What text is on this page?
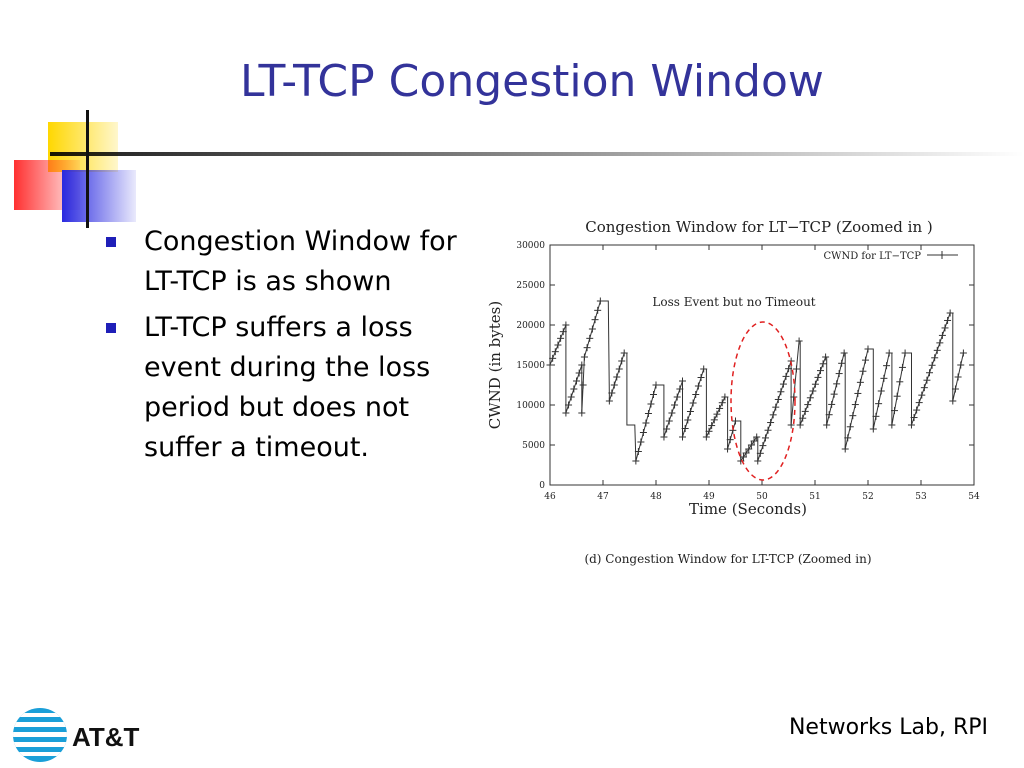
LT-TCP Congestion Window
Congestion Window for LT-TCP is as shown
LT-TCP suffers a loss event during the loss period but does not suffer a timeout.
Congestion Window for LT−TCP (Zoomed in )
0
5000
10000
15000
20000
25000
30000
46	47	48	49	50	51	52	53	54
CWND (in bytes)
Time (Seconds)
CWND for LT−TCP
Loss Event but no Timeout
(d) Congestion Window for LT-TCP (Zoomed in)
AT&T	Networks Lab, RPI
